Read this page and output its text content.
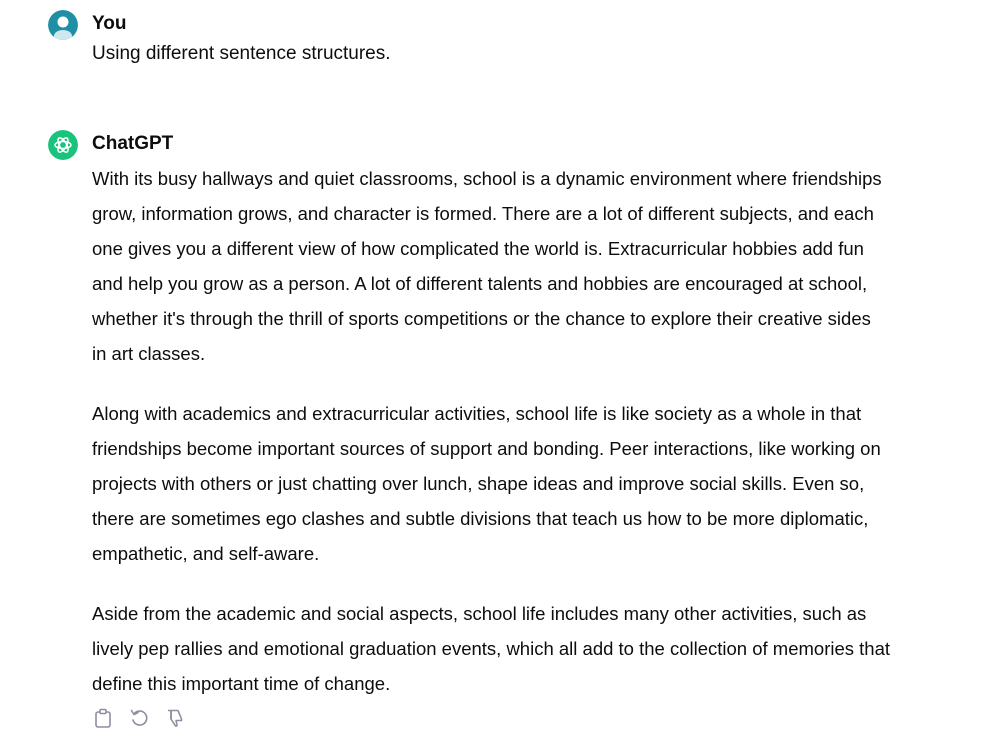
You
Using different sentence structures.
ChatGPT

With its busy hallways and quiet classrooms, school is a dynamic environment where friendships
grow, information grows, and character is formed. There are a lot of different subjects, and each
one gives you a different view of how complicated the world is. Extracurricular hobbies add fun
and help you grow as a person. A lot of different talents and hobbies are encouraged at school,
whether it's through the thrill of sports competitions or the chance to explore their creative sides
in art classes.

Along with academics and extracurricular activities, school life is like society as a whole in that
friendships become important sources of support and bonding. Peer interactions, like working on
projects with others or just chatting over lunch, shape ideas and improve social skills. Even so,
there are sometimes ego clashes and subtle divisions that teach us how to be more diplomatic,
empathetic, and self-aware.

Aside from the academic and social aspects, school life includes many other activities, such as
lively pep rallies and emotional graduation events, which all add to the collection of memories that
define this important time of change.
